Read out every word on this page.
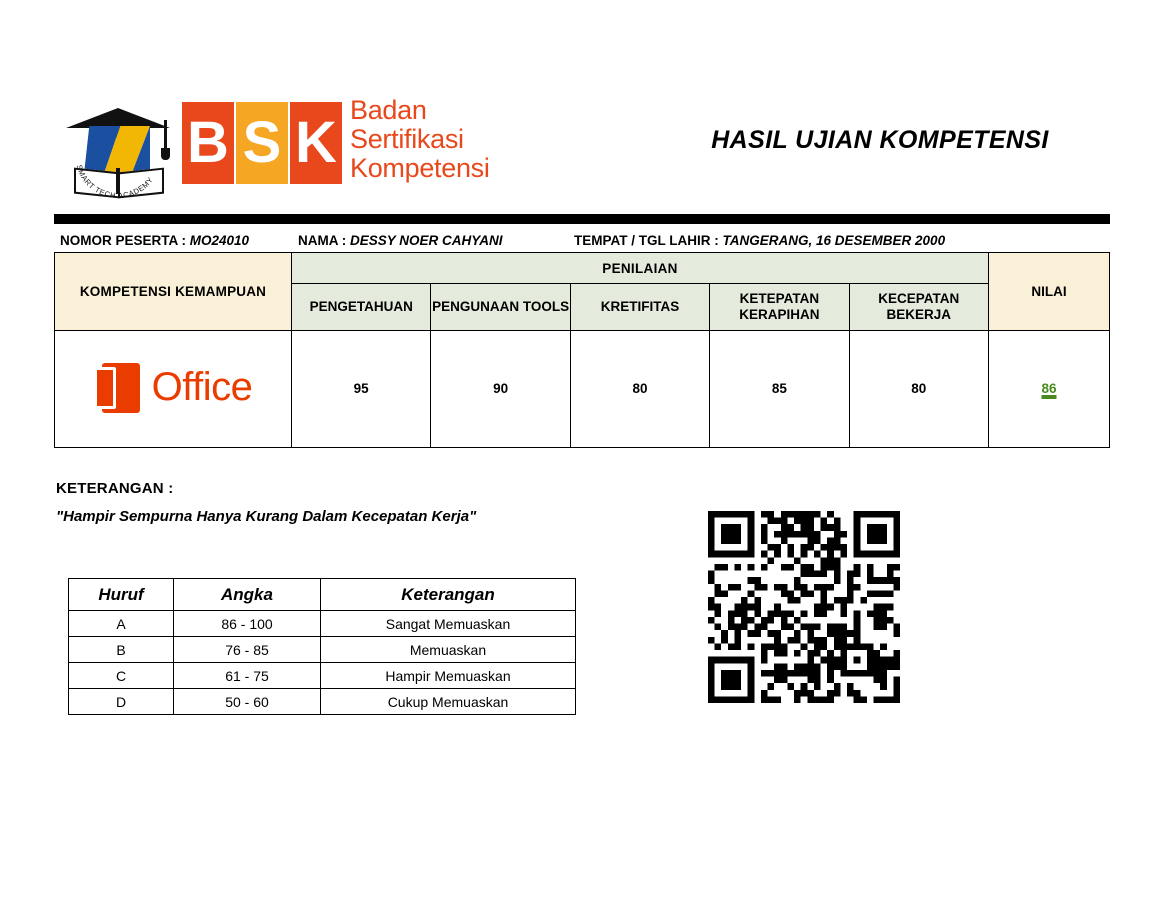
SMART TECH ACADEMY
B S K Badan
Sertifikasi
Kompetensi
HASIL UJIAN KOMPETENSI
NOMOR PESERTA : MO24010	NAMA : DESSY NOER CAHYANI	TEMPAT / TGL LAHIR : TANGERANG, 16 DESEMBER 2000
KOMPETENSI KEMAMPUAN	PENILAIAN					NILAI
	PENGETAHUAN	PENGUNAAN TOOLS	KRETIFITAS	KETEPATAN KERAPIHAN	KECEPATAN BEKERJA	

Office	95	90	80	85	80	86
KETERANGAN :
"Hampir Sempurna Hanya Kurang Dalam Kecepatan Kerja"
Huruf	Angka	Keterangan
A	86 - 100	Sangat Memuaskan
B	76 - 85	Memuaskan
C	61 - 75	Hampir Memuaskan
D	50 - 60	Cukup Memuaskan
